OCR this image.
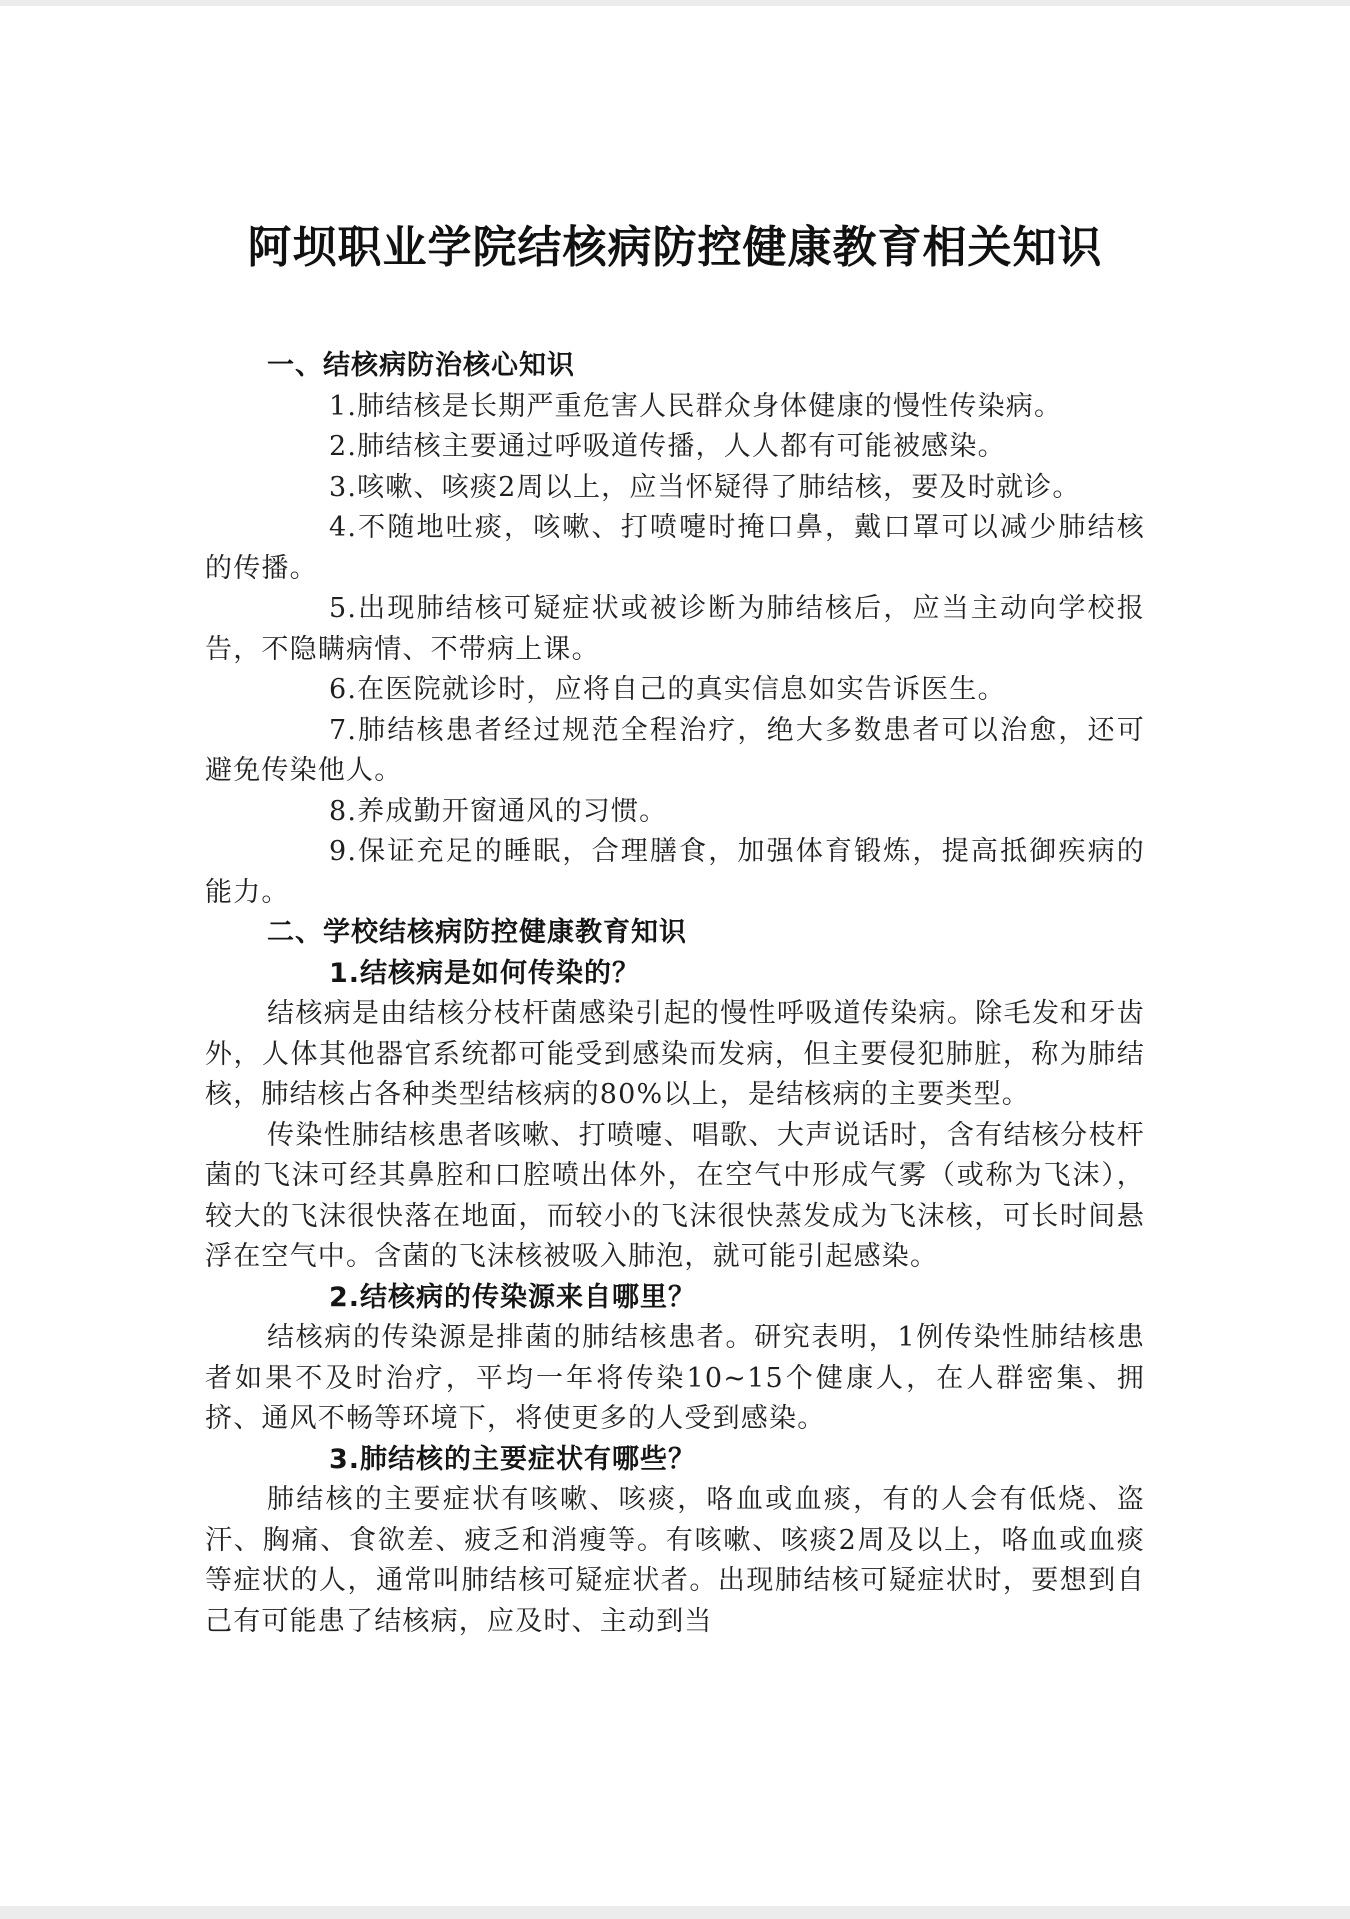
阿坝职业学院结核病防控健康教育相关知识

一、结核病防治核心知识

1.肺结核是长期严重危害人民群众身体健康的慢性传染病。

2.肺结核主要通过呼吸道传播，人人都有可能被感染。

3.咳嗽、咳痰2周以上，应当怀疑得了肺结核，要及时就诊。

4.不随地吐痰，咳嗽、打喷嚏时掩口鼻，戴口罩可以减少肺结核的传播。

5.出现肺结核可疑症状或被诊断为肺结核后，应当主动向学校报告，不隐瞒病情、不带病上课。

6.在医院就诊时，应将自己的真实信息如实告诉医生。

7.肺结核患者经过规范全程治疗，绝大多数患者可以治愈，还可避免传染他人。

8.养成勤开窗通风的习惯。

9.保证充足的睡眠，合理膳食，加强体育锻炼，提高抵御疾病的能力。

二、学校结核病防控健康教育知识

1.结核病是如何传染的？

结核病是由结核分枝杆菌感染引起的慢性呼吸道传染病。除毛发和牙齿外，人体其他器官系统都可能受到感染而发病，但主要侵犯肺脏，称为肺结核，肺结核占各种类型结核病的80%以上，是结核病的主要类型。

传染性肺结核患者咳嗽、打喷嚏、唱歌、大声说话时，含有结核分枝杆菌的飞沫可经其鼻腔和口腔喷出体外，在空气中形成气雾（或称为飞沫），较大的飞沫很快落在地面，而较小的飞沫很快蒸发成为飞沫核，可长时间悬浮在空气中。含菌的飞沫核被吸入肺泡，就可能引起感染。

2.结核病的传染源来自哪里？

结核病的传染源是排菌的肺结核患者。研究表明，1例传染性肺结核患者如果不及时治疗，平均一年将传染10~15个健康人，在人群密集、拥挤、通风不畅等环境下，将使更多的人受到感染。

3.肺结核的主要症状有哪些？

肺结核的主要症状有咳嗽、咳痰，咯血或血痰，有的人会有低烧、盗汗、胸痛、食欲差、疲乏和消瘦等。有咳嗽、咳痰2周及以上，咯血或血痰等症状的人，通常叫肺结核可疑症状者。出现肺结核可疑症状时，要想到自己有可能患了结核病，应及时、主动到当
